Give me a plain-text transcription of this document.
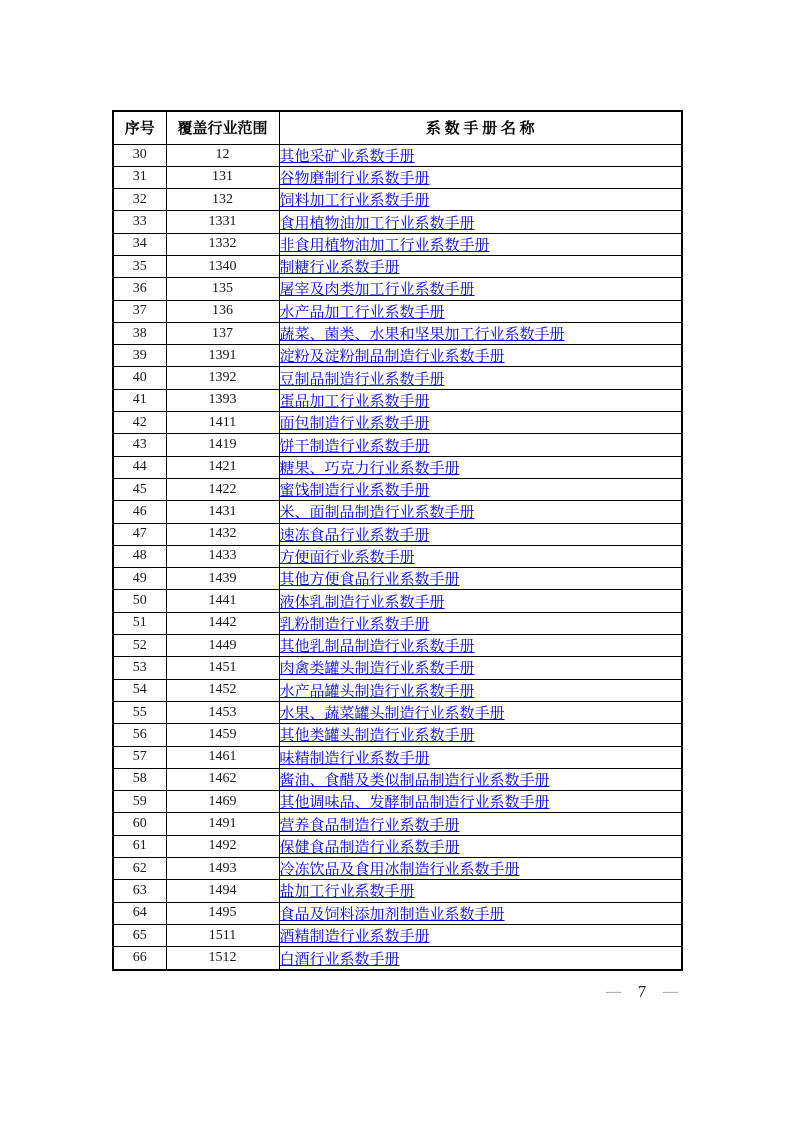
序号	覆盖行业范围	系 数 手 册 名 称
30	12	其他采矿业系数手册
31	131	谷物磨制行业系数手册
32	132	饲料加工行业系数手册
33	1331	食用植物油加工行业系数手册
34	1332	非食用植物油加工行业系数手册
35	1340	制糖行业系数手册
36	135	屠宰及肉类加工行业系数手册
37	136	水产品加工行业系数手册
38	137	蔬菜、菌类、水果和坚果加工行业系数手册
39	1391	淀粉及淀粉制品制造行业系数手册
40	1392	豆制品制造行业系数手册
41	1393	蛋品加工行业系数手册
42	1411	面包制造行业系数手册
43	1419	饼干制造行业系数手册
44	1421	糖果、巧克力行业系数手册
45	1422	蜜饯制造行业系数手册
46	1431	米、面制品制造行业系数手册
47	1432	速冻食品行业系数手册
48	1433	方便面行业系数手册
49	1439	其他方便食品行业系数手册
50	1441	液体乳制造行业系数手册
51	1442	乳粉制造行业系数手册
52	1449	其他乳制品制造行业系数手册
53	1451	肉禽类罐头制造行业系数手册
54	1452	水产品罐头制造行业系数手册
55	1453	水果、蔬菜罐头制造行业系数手册
56	1459	其他类罐头制造行业系数手册
57	1461	味精制造行业系数手册
58	1462	酱油、食醋及类似制品制造行业系数手册
59	1469	其他调味品、发酵制品制造行业系数手册
60	1491	营养食品制造行业系数手册
61	1492	保健食品制造行业系数手册
62	1493	冷冻饮品及食用冰制造行业系数手册
63	1494	盐加工行业系数手册
64	1495	食品及饲料添加剂制造业系数手册
65	1511	酒精制造行业系数手册
66	1512	白酒行业系数手册
— 7 —
